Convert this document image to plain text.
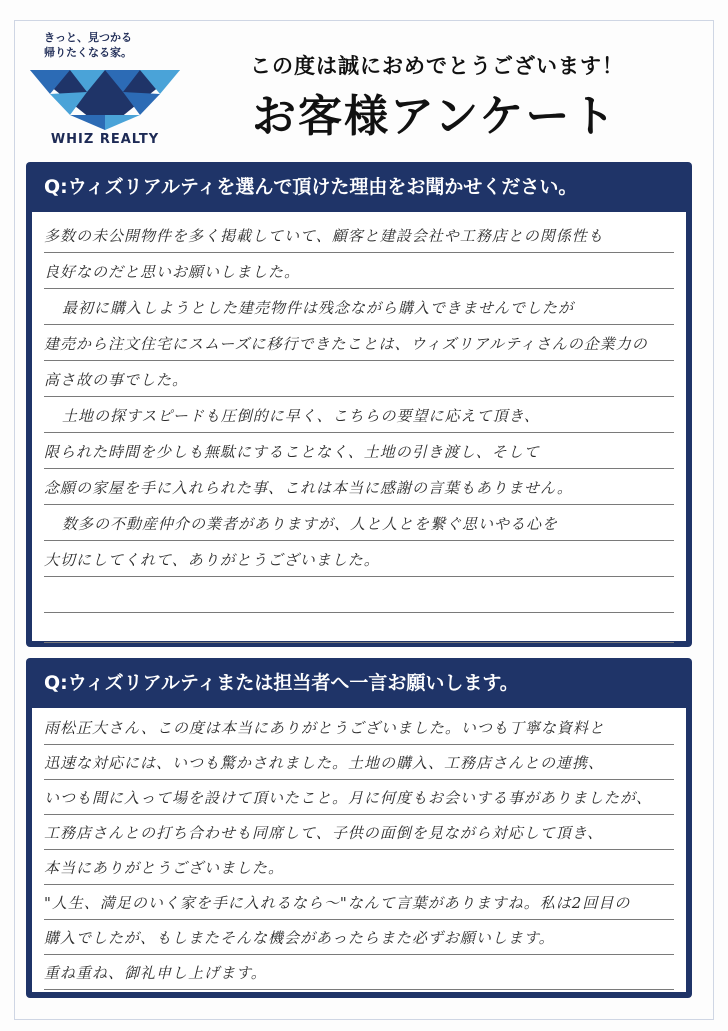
きっと、見つかる
帰りたくなる家。
WHIZ REALTY
この度は誠におめでとうございます！
お客様アンケート
Q:ウィズリアルティを選んで頂けた理由をお聞かせください。
多数の未公開物件を多く掲載していて、顧客と建設会社や工務店との関係性も
良好なのだと思いお願いしました。
最初に購入しようとした建売物件は残念ながら購入できませんでしたが
建売から注文住宅にスムーズに移行できたことは、ウィズリアルティさんの企業力の
高さ故の事でした。
土地の探すスピードも圧倒的に早く、こちらの要望に応えて頂き、
限られた時間を少しも無駄にすることなく、土地の引き渡し、そして
念願の家屋を手に入れられた事、これは本当に感謝の言葉もありません。
数多の不動産仲介の業者がありますが、人と人とを繋ぐ思いやる心を
大切にしてくれて、ありがとうございました。
Q:ウィズリアルティまたは担当者へ一言お願いします。
雨松正大さん、この度は本当にありがとうございました。いつも丁寧な資料と
迅速な対応には、いつも驚かされました。土地の購入、工務店さんとの連携、
いつも間に入って場を設けて頂いたこと。月に何度もお会いする事がありましたが、
工務店さんとの打ち合わせも同席して、子供の面倒を見ながら対応して頂き、
本当にありがとうございました。
"人生、満足のいく家を手に入れるなら〜"なんて言葉がありますね。私は2回目の
購入でしたが、もしまたそんな機会があったらまた必ずお願いします。
重ね重ね、御礼申し上げます。
